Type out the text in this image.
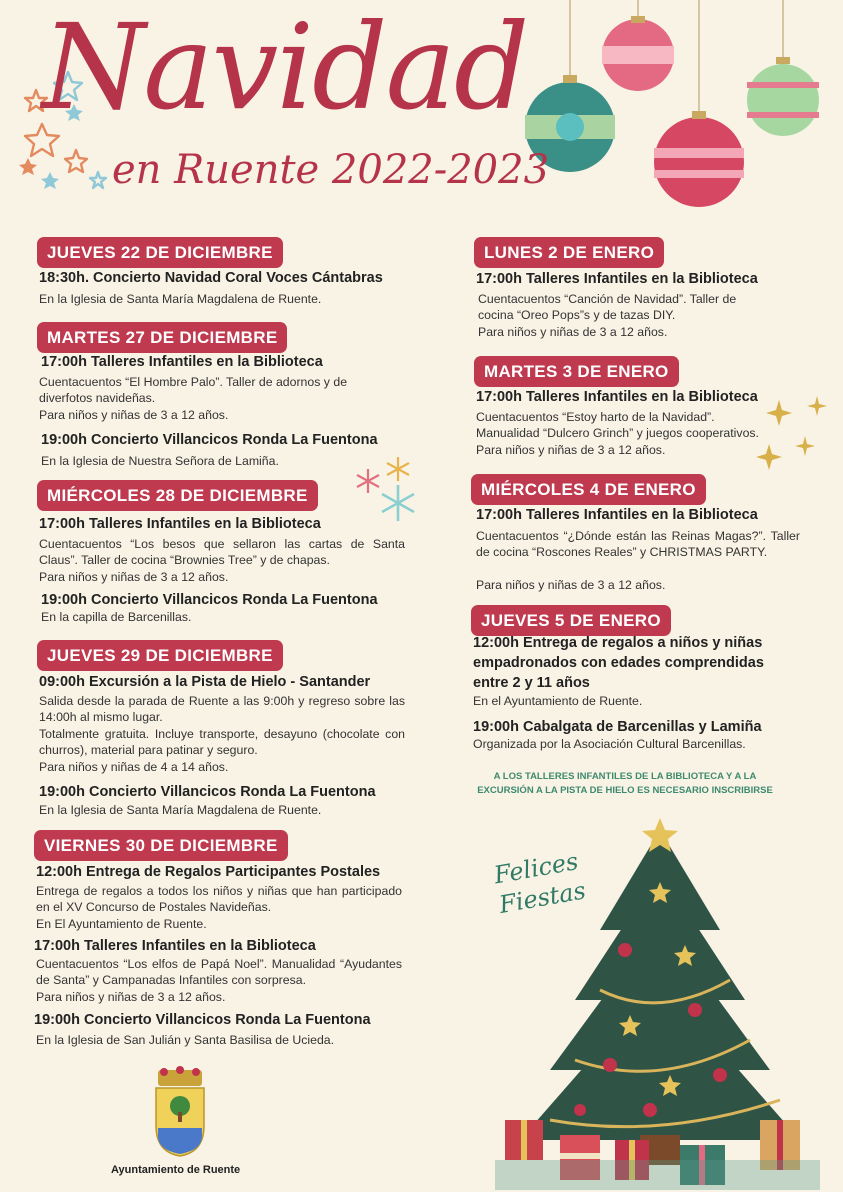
Felices Fiestas
Navidad
en Ruente 2022-2023
JUEVES 22 DE DICIEMBRE
18:30h. Concierto Navidad Coral Voces Cántabras
En la Iglesia de Santa María Magdalena de Ruente.
MARTES 27 DE DICIEMBRE
17:00h Talleres Infantiles en la Biblioteca
Cuentacuentos “El Hombre Palo”. Taller de adornos y de diverfotos navideñas.
Para niños y niñas de 3 a 12 años.
19:00h Concierto Villancicos Ronda La Fuentona
En la Iglesia de Nuestra Señora de Lamiña.
MIÉRCOLES 28 DE DICIEMBRE
17:00h Talleres Infantiles en la Biblioteca
Cuentacuentos “Los besos que sellaron las cartas de Santa Claus”. Taller de cocina “Brownies Tree” y de chapas.
Para niños y niñas de 3 a 12 años.
19:00h Concierto Villancicos Ronda La Fuentona
En la capilla de Barcenillas.
JUEVES 29 DE DICIEMBRE
09:00h Excursión a la Pista de Hielo - Santander
Salida desde la parada de Ruente a las 9:00h y regreso sobre las 14:00h al mismo lugar.
Totalmente gratuita. Incluye transporte, desayuno (chocolate con churros), material para patinar y seguro.
Para niños y niñas de 4 a 14 años.
19:00h Concierto Villancicos Ronda La Fuentona
En la Iglesia de Santa María Magdalena de Ruente.
VIERNES 30 DE DICIEMBRE
12:00h Entrega de Regalos Participantes Postales
Entrega de regalos a todos los niños y niñas que han participado en el XV Concurso de Postales Navideñas.
En El Ayuntamiento de Ruente.
17:00h Talleres Infantiles en la Biblioteca
Cuentacuentos “Los elfos de Papá Noel”. Manualidad “Ayudantes de Santa” y Campanadas Infantiles con sorpresa.
Para niños y niñas de 3 a 12 años.
19:00h Concierto Villancicos Ronda La Fuentona
En la Iglesia de San Julián y Santa Basilisa de Ucieda.
LUNES 2 DE ENERO
17:00h Talleres Infantiles en la Biblioteca
Cuentacuentos “Canción de Navidad”. Taller de cocina “Oreo Pops”s y de tazas DIY.
Para niños y niñas de 3 a 12 años.
MARTES 3 DE ENERO
17:00h Talleres Infantiles en la Biblioteca
Cuentacuentos “Estoy harto de la Navidad”.
Manualidad “Dulcero Grinch” y juegos cooperativos.
Para niños y niñas de 3 a 12 años.
MIÉRCOLES 4 DE ENERO
17:00h Talleres Infantiles en la Biblioteca
Cuentacuentos “¿Dónde están las Reinas Magas?”. Taller de cocina “Roscones Reales” y CHRISTMAS PARTY.
Para niños y niñas de 3 a 12 años.
JUEVES 5 DE ENERO
12:00h Entrega de regalos a niños y niñas empadronados con edades comprendidas entre 2 y 11 años
En el Ayuntamiento de Ruente.
19:00h Cabalgata de Barcenillas y Lamiña
Organizada por la Asociación Cultural Barcenillas.
A LOS TALLERES INFANTILES DE LA BIBLIOTECA Y A LA EXCURSIÓN A LA PISTA DE HIELO ES NECESARIO INSCRIBIRSE
Ayuntamiento de Ruente
